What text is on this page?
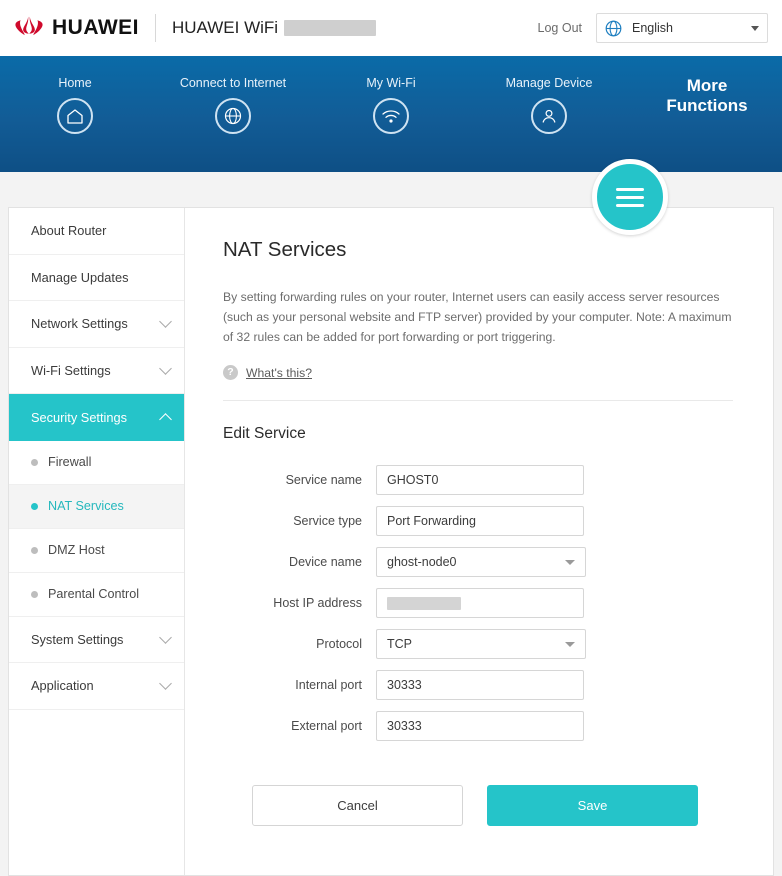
HUAWEI HUAWEI WiFi	Log Out	English
Home	Connect to Internet	My Wi-Fi	Manage Device	More Functions
About Router
Manage Updates
Network Settings
Wi-Fi Settings
Security Settings
Firewall
NAT Services
DMZ Host
Parental Control
System Settings
Application
NAT Services

By setting forwarding rules on your router, Internet users can easily access server resources (such as your personal website and FTP server) provided by your computer. Note: A maximum of 32 rules can be added for port forwarding or port triggering.

?	What's this?
Edit Service
Service name	GHOST0
Service type	Port Forwarding
Device name	ghost-node0
Host IP address
Protocol	TCP
Internal port	30333
External port	30333
Cancel	Save
